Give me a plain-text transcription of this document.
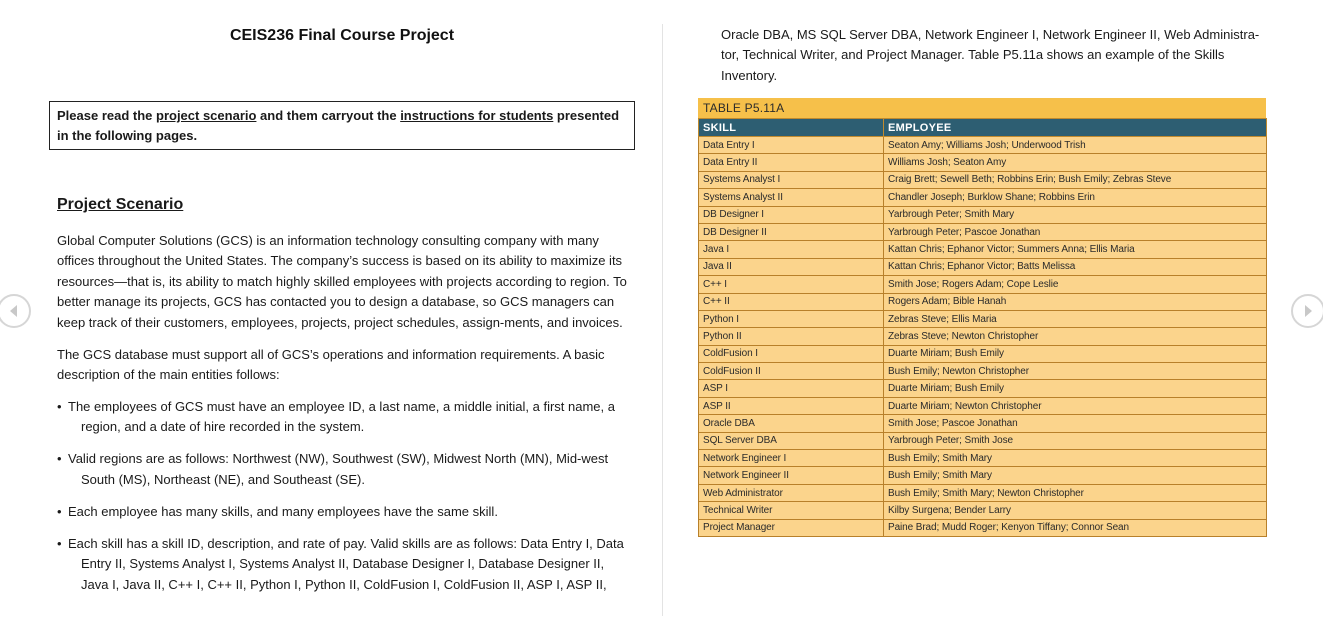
CEIS236 Final Course Project
Please read the project scenario and them carryout the instructions for students presented in the following pages.
Project Scenario

Global Computer Solutions (GCS) is an information technology consulting company with many offices throughout the United States. The company’s success is based on its ability to maximize its resources—that is, its ability to match highly skilled employees with projects according to region. To better manage its projects, GCS has contacted you to design a database, so GCS managers can keep track of their customers, employees, projects, project schedules, assign-ments, and invoices.

The GCS database must support all of GCS’s operations and information requirements. A basic description of the main entities follows:

• The employees of GCS must have an employee ID, a last name, a middle initial, a first name, a region, and a date of hire recorded in the system.
• Valid regions are as follows: Northwest (NW), Southwest (SW), Midwest North (MN), Mid-west South (MS), Northeast (NE), and Southeast (SE).
• Each employee has many skills, and many employees have the same skill.
• Each skill has a skill ID, description, and rate of pay. Valid skills are as follows: Data Entry I, Data Entry II, Systems Analyst I, Systems Analyst II, Database Designer I, Database Designer II, Java I, Java II, C++ I, C++ II, Python I, Python II, ColdFusion I, ColdFusion II, ASP I, ASP II,
Oracle DBA, MS SQL Server DBA, Network Engineer I, Network Engineer II, Web Administra-tor, Technical Writer, and Project Manager. Table P5.11a shows an example of the Skills Inventory.
TABLE P5.11A
SKILL	EMPLOYEE
Data Entry I	Seaton Amy; Williams Josh; Underwood Trish
Data Entry II	Williams Josh; Seaton Amy
Systems Analyst I	Craig Brett; Sewell Beth; Robbins Erin; Bush Emily; Zebras Steve
Systems Analyst II	Chandler Joseph; Burklow Shane; Robbins Erin
DB Designer I	Yarbrough Peter; Smith Mary
DB Designer II	Yarbrough Peter; Pascoe Jonathan
Java I	Kattan Chris; Ephanor Victor; Summers Anna; Ellis Maria
Java II	Kattan Chris; Ephanor Victor; Batts Melissa
C++ I	Smith Jose; Rogers Adam; Cope Leslie
C++ II	Rogers Adam; Bible Hanah
Python I	Zebras Steve; Ellis Maria
Python II	Zebras Steve; Newton Christopher
ColdFusion I	Duarte Miriam; Bush Emily
ColdFusion II	Bush Emily; Newton Christopher
ASP I	Duarte Miriam; Bush Emily
ASP II	Duarte Miriam; Newton Christopher
Oracle DBA	Smith Jose; Pascoe Jonathan
SQL Server DBA	Yarbrough Peter; Smith Jose
Network Engineer I	Bush Emily; Smith Mary
Network Engineer II	Bush Emily; Smith Mary
Web Administrator	Bush Emily; Smith Mary; Newton Christopher
Technical Writer	Kilby Surgena; Bender Larry
Project Manager	Paine Brad; Mudd Roger; Kenyon Tiffany; Connor Sean
